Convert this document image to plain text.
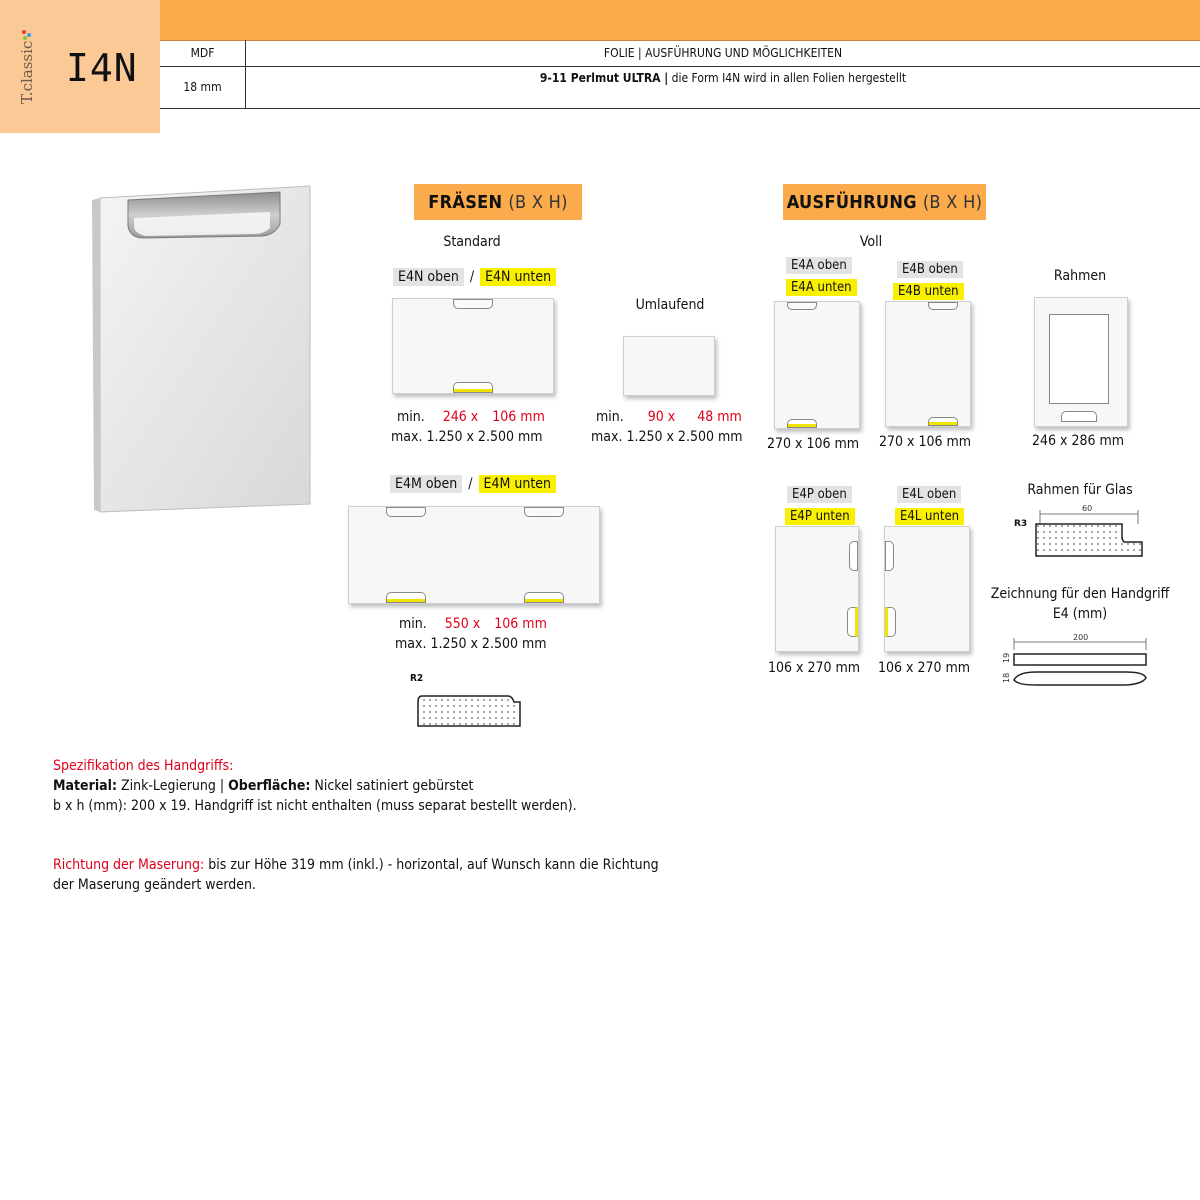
T.classic I4N	MDF
18 mm
FOLIE | AUSFÜHRUNG UND MÖGLICHKEITEN
9-11 Perlmut ULTRA | die Form I4N wird in allen Folien hergestellt
FRÄSEN (B X H)
Standard
E4N oben / E4N unten
min. 246 x 106 mm
max. 1.250 x 2.500 mm
Umlaufend
min. 90 x 48 mm
max. 1.250 x 2.500 mm
E4M oben / E4M unten
min. 550 x 106 mm
max. 1.250 x 2.500 mm
R2
AUSFÜHRUNG (B X H)
Voll
E4A oben
E4A unten
270 x 106 mm
E4B oben
E4B unten
270 x 106 mm
Rahmen
246 x 286 mm
E4P oben
E4P unten
106 x 270 mm
E4L oben
E4L unten
106 x 270 mm
Rahmen für Glas
60
R3
Zeichnung für den Handgriff
E4 (mm)
200
19
18
Spezifikation des Handgriffs:
Material: Zink-Legierung | Oberfläche: Nickel satiniert gebürstet
b x h (mm): 200 x 19. Handgriff ist nicht enthalten (muss separat bestellt werden).
Richtung der Maserung: bis zur Höhe 319 mm (inkl.) - horizontal, auf Wunsch kann die Richtung
der Maserung geändert werden.
